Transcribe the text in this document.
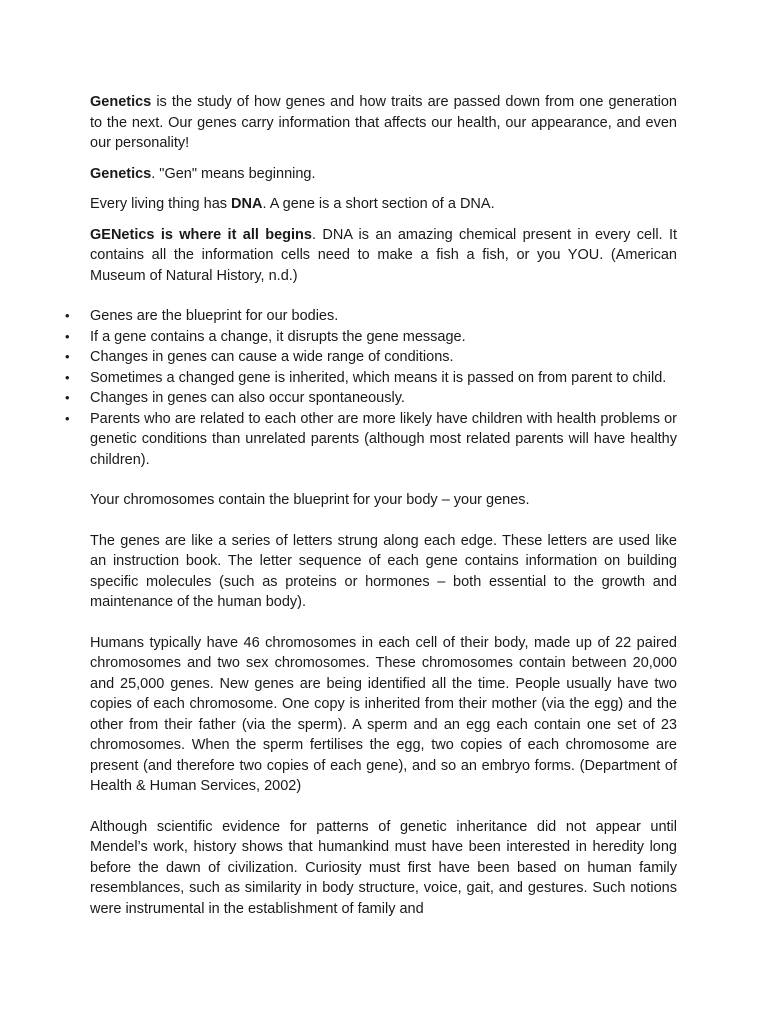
Genetics is the study of how genes and how traits are passed down from one generation to the next. Our genes carry information that affects our health, our appearance, and even our personality!

Genetics. "Gen" means beginning.

Every living thing has DNA. A gene is a short section of a DNA.

GENetics is where it all begins. DNA is an amazing chemical present in every cell. It contains all the information cells need to make a fish a fish, or you YOU. (American Museum of Natural History, n.d.)

• Genes are the blueprint for our bodies.
• If a gene contains a change, it disrupts the gene message.
• Changes in genes can cause a wide range of conditions.
• Sometimes a changed gene is inherited, which means it is passed on from parent to child.
• Changes in genes can also occur spontaneously.
• Parents who are related to each other are more likely have children with health problems or genetic conditions than unrelated parents (although most related parents will have healthy children).

Your chromosomes contain the blueprint for your body – your genes.

The genes are like a series of letters strung along each edge. These letters are used like an instruction book. The letter sequence of each gene contains information on building specific molecules (such as proteins or hormones – both essential to the growth and maintenance of the human body).

Humans typically have 46 chromosomes in each cell of their body, made up of 22 paired chromosomes and two sex chromosomes. These chromosomes contain between 20,000 and 25,000 genes. New genes are being identified all the time. People usually have two copies of each chromosome. One copy is inherited from their mother (via the egg) and the other from their father (via the sperm). A sperm and an egg each contain one set of 23 chromosomes. When the sperm fertilises the egg, two copies of each chromosome are present (and therefore two copies of each gene), and so an embryo forms. (Department of Health & Human Services, 2002)

Although scientific evidence for patterns of genetic inheritance did not appear until Mendel’s work, history shows that humankind must have been interested in heredity long before the dawn of civilization. Curiosity must first have been based on human family resemblances, such as similarity in body structure, voice, gait, and gestures. Such notions were instrumental in the establishment of family and
